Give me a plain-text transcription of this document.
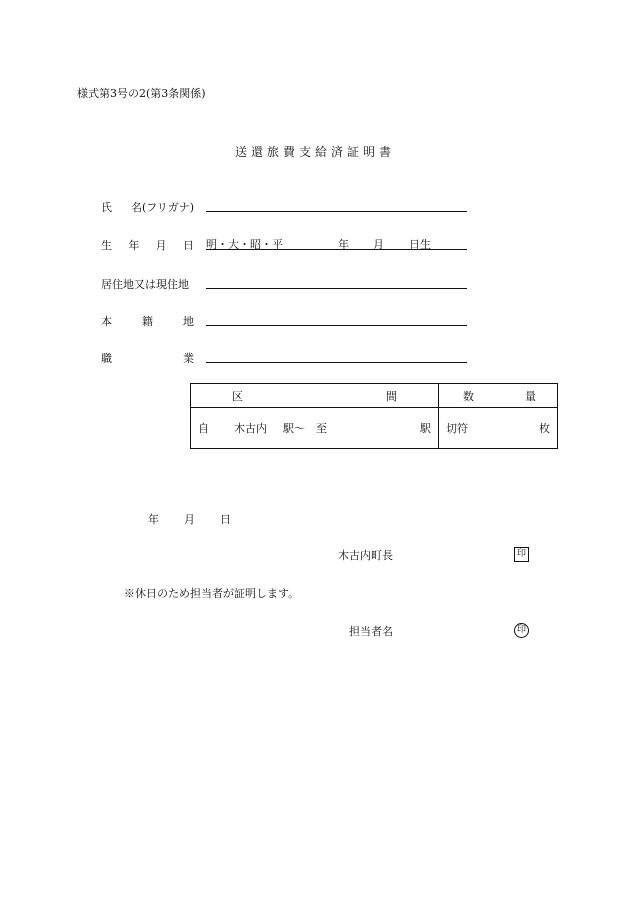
様式第3号の2(第3条関係)
送還旅費支給済証明書
氏 名(フリガナ)
生 年 月 日 明・大・昭・平	年 月 日生
居住地又は現住地
本	籍	地
職	業
区 間	数 量

自 木古内 駅〜 至 駅	切符 枚
年 月 日
木古内町長	印
※休日のため担当者が証明します。
担当者名	印
